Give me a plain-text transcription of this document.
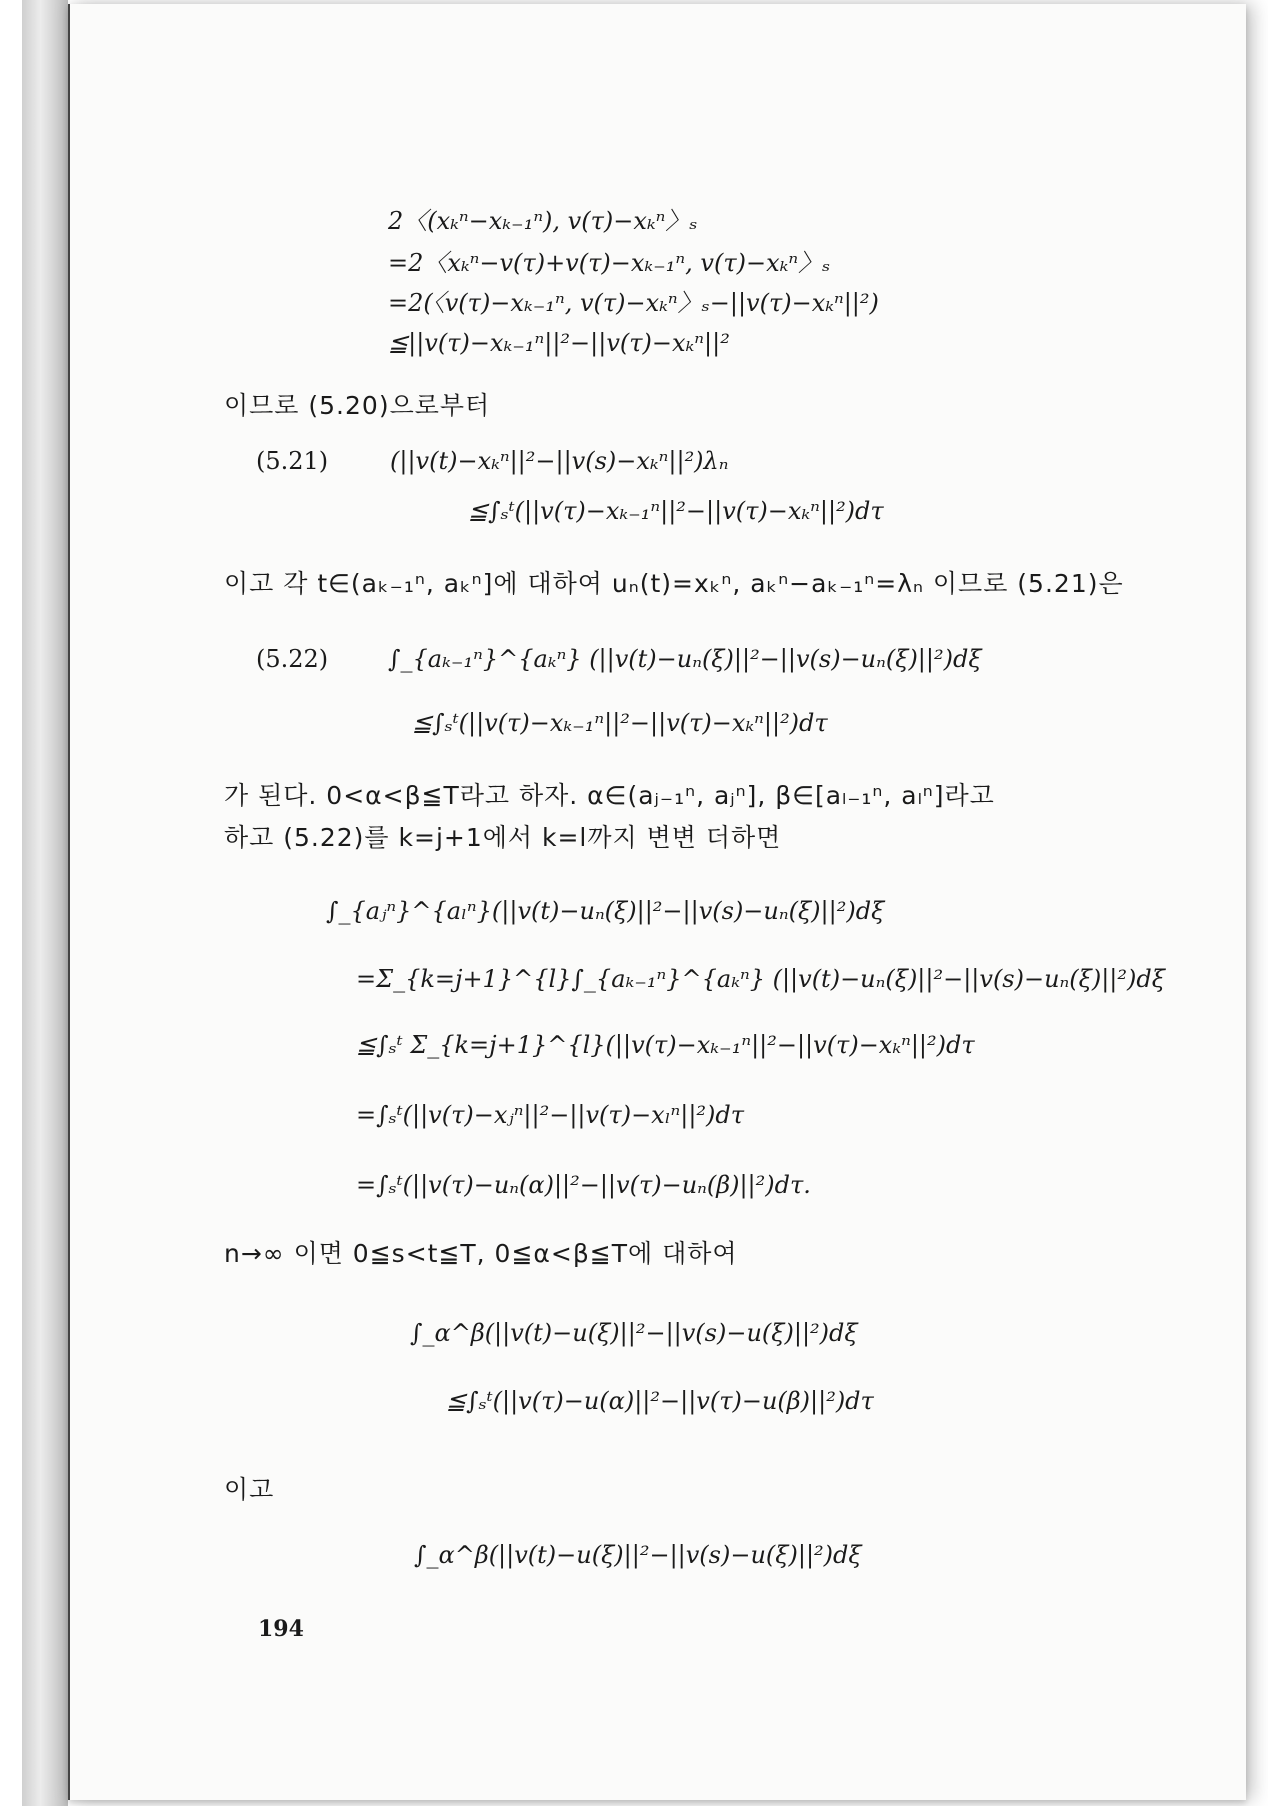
2〈(xₖⁿ−xₖ₋₁ⁿ), v(τ)−xₖⁿ〉ₛ
=2〈xₖⁿ−v(τ)+v(τ)−xₖ₋₁ⁿ, v(τ)−xₖⁿ〉ₛ
=2(〈v(τ)−xₖ₋₁ⁿ, v(τ)−xₖⁿ〉ₛ−||v(τ)−xₖⁿ||²)
≦||v(τ)−xₖ₋₁ⁿ||²−||v(τ)−xₖⁿ||²
이므로 (5.20)으로부터
(5.21)	(||v(t)−xₖⁿ||²−||v(s)−xₖⁿ||²)λₙ
≦∫ₛᵗ(||v(τ)−xₖ₋₁ⁿ||²−||v(τ)−xₖⁿ||²)dτ
이고 각 t∈(aₖ₋₁ⁿ, aₖⁿ]에 대하여 uₙ(t)=xₖⁿ, aₖⁿ−aₖ₋₁ⁿ=λₙ 이므로 (5.21)은
(5.22) ∫_{aₖ₋₁ⁿ}^{aₖⁿ} (||v(t)−uₙ(ξ)||²−||v(s)−uₙ(ξ)||²)dξ
≦∫ₛᵗ(||v(τ)−xₖ₋₁ⁿ||²−||v(τ)−xₖⁿ||²)dτ
가 된다. 0<α<β≦T라고 하자. α∈(aⱼ₋₁ⁿ, aⱼⁿ], β∈[aₗ₋₁ⁿ, aₗⁿ]라고
하고 (5.22)를 k=j+1에서 k=l까지 변변 더하면
∫_{aⱼⁿ}^{aₗⁿ}(||v(t)−uₙ(ξ)||²−||v(s)−uₙ(ξ)||²)dξ
=Σ_{k=j+1}^{l}∫_{aₖ₋₁ⁿ}^{aₖⁿ} (||v(t)−uₙ(ξ)||²−||v(s)−uₙ(ξ)||²)dξ
≦∫ₛᵗ Σ_{k=j+1}^{l}(||v(τ)−xₖ₋₁ⁿ||²−||v(τ)−xₖⁿ||²)dτ
=∫ₛᵗ(||v(τ)−xⱼⁿ||²−||v(τ)−xₗⁿ||²)dτ
=∫ₛᵗ(||v(τ)−uₙ(α)||²−||v(τ)−uₙ(β)||²)dτ.
n→∞ 이면 0≦s<t≦T, 0≦α<β≦T에 대하여
∫_α^β(||v(t)−u(ξ)||²−||v(s)−u(ξ)||²)dξ
≦∫ₛᵗ(||v(τ)−u(α)||²−||v(τ)−u(β)||²)dτ
이고
∫_α^β(||v(t)−u(ξ)||²−||v(s)−u(ξ)||²)dξ
194
